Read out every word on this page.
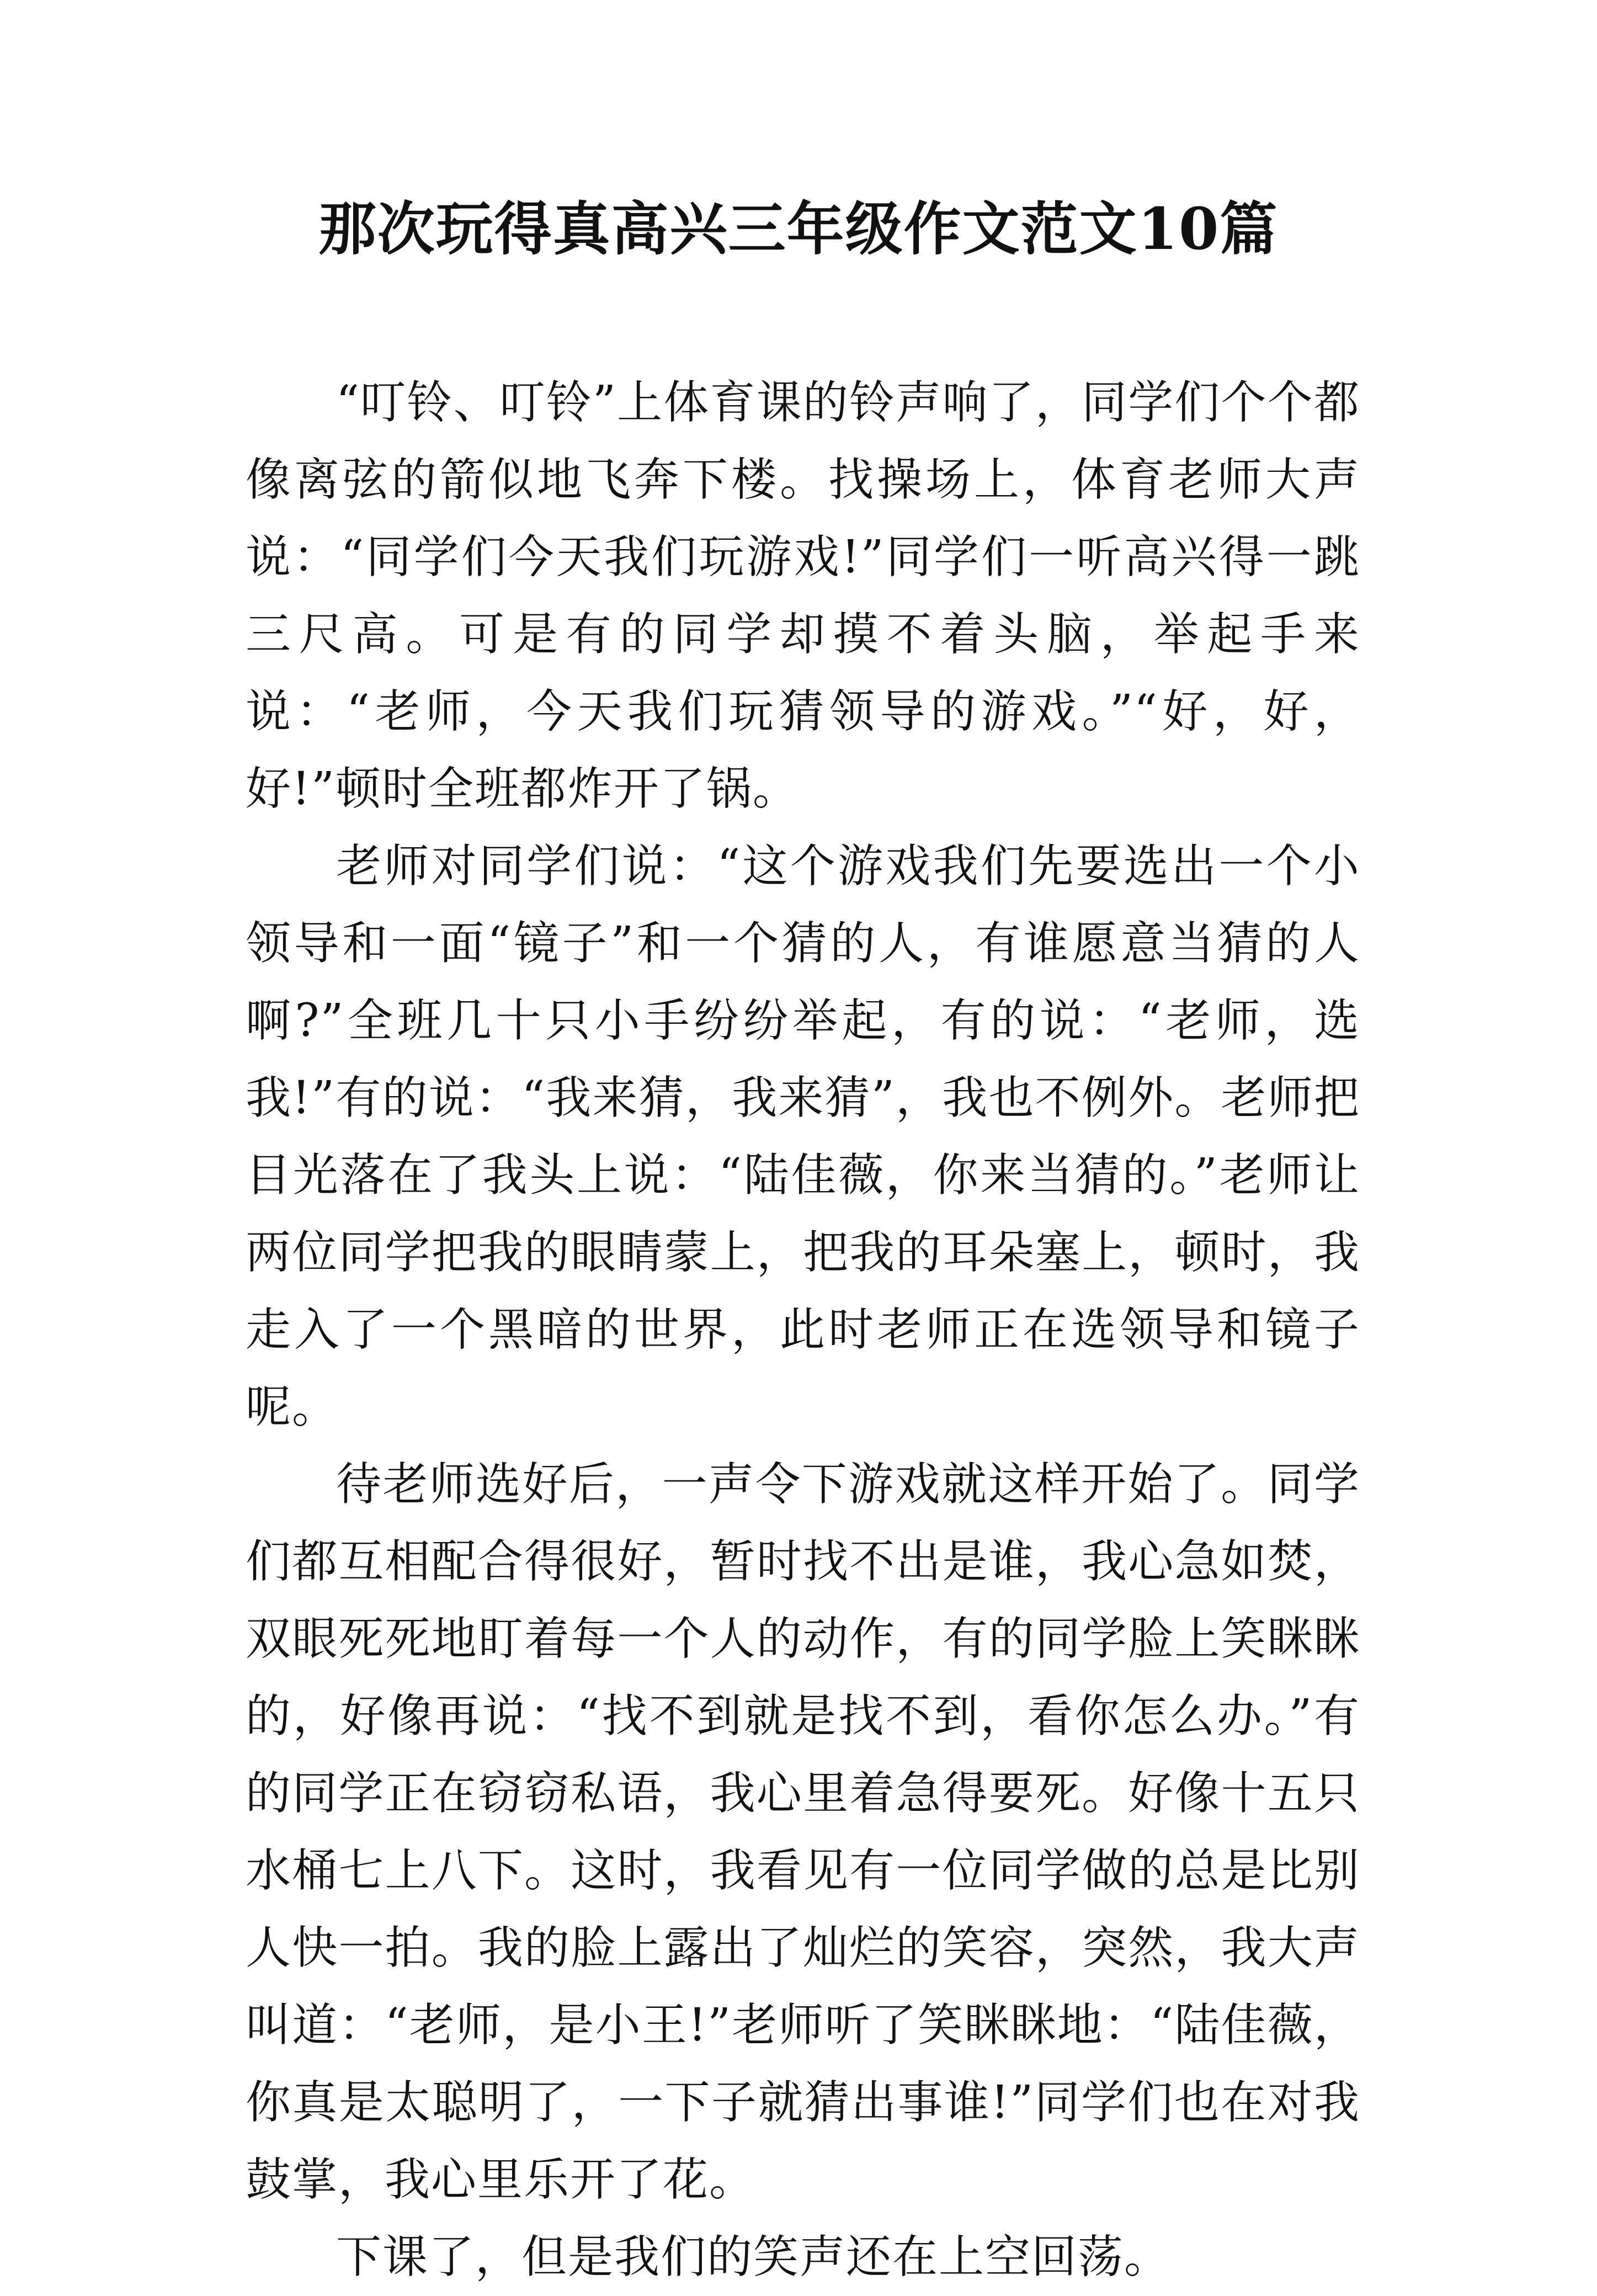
那次玩得真高兴三年级作文范文10篇

“叮铃、叮铃”上体育课的铃声响了，同学们个个都像离弦的箭似地飞奔下楼。找操场上，体育老师大声说：“同学们今天我们玩游戏!”同学们一听高兴得一跳三尺高。可是有的同学却摸不着头脑，举起手来说：“老师，今天我们玩猜领导的游戏。”“好，好，好!”顿时全班都炸开了锅。

老师对同学们说：“这个游戏我们先要选出一个小领导和一面“镜子”和一个猜的人，有谁愿意当猜的人啊?”全班几十只小手纷纷举起，有的说：“老师，选我!”有的说：“我来猜，我来猜”，我也不例外。老师把目光落在了我头上说：“陆佳薇，你来当猜的。”老师让两位同学把我的眼睛蒙上，把我的耳朵塞上，顿时，我走入了一个黑暗的世界，此时老师正在选领导和镜子呢。

待老师选好后，一声令下游戏就这样开始了。同学们都互相配合得很好，暂时找不出是谁，我心急如焚，双眼死死地盯着每一个人的动作，有的同学脸上笑眯眯的，好像再说：“找不到就是找不到，看你怎么办。”有的同学正在窃窃私语，我心里着急得要死。好像十五只水桶七上八下。这时，我看见有一位同学做的总是比别人快一拍。我的脸上露出了灿烂的笑容，突然，我大声叫道：“老师，是小王!”老师听了笑眯眯地：“陆佳薇，你真是太聪明了，一下子就猜出事谁!”同学们也在对我鼓掌，我心里乐开了花。

下课了，但是我们的笑声还在上空回荡。
